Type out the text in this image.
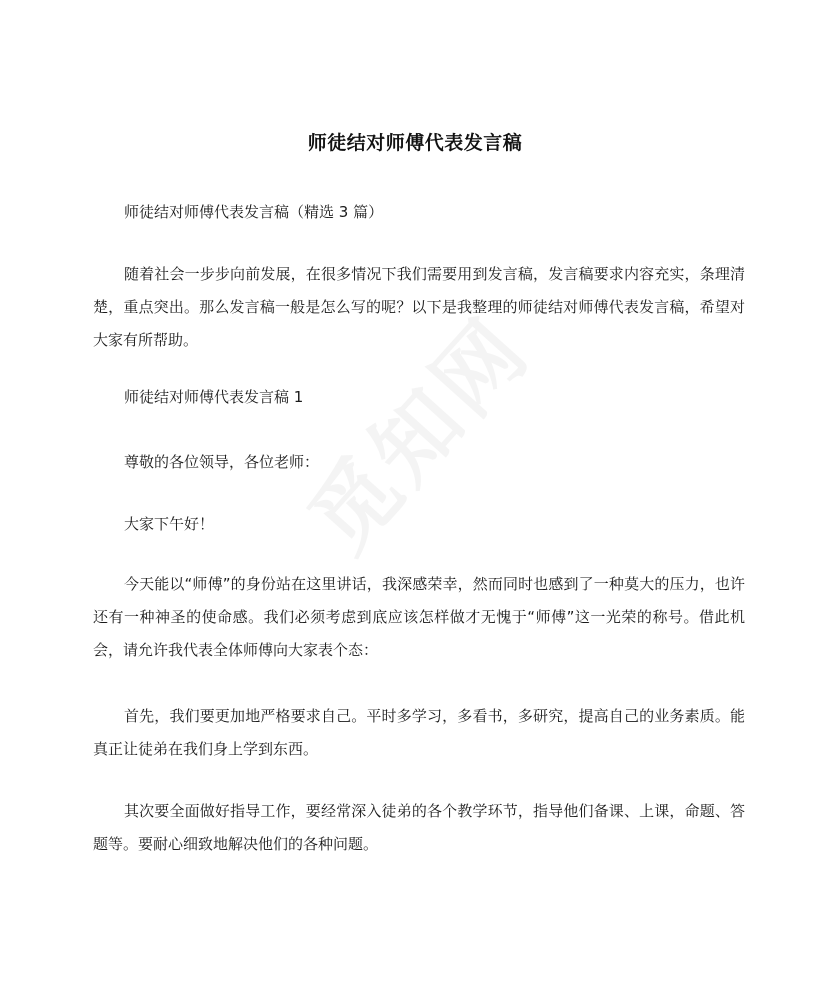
师徒结对师傅代表发言稿

师徒结对师傅代表发言稿（精选 3 篇）

随着社会一步步向前发展，在很多情况下我们需要用到发言稿，发言稿要求内容充实，条理清楚，重点突出。那么发言稿一般是怎么写的呢？以下是我整理的师徒结对师傅代表发言稿，希望对大家有所帮助。

师徒结对师傅代表发言稿 1

尊敬的各位领导，各位老师：

大家下午好！

今天能以“师傅”的身份站在这里讲话，我深感荣幸，然而同时也感到了一种莫大的压力，也许还有一种神圣的使命感。我们必须考虑到底应该怎样做才无愧于“师傅”这一光荣的称号。借此机会，请允许我代表全体师傅向大家表个态：

首先，我们要更加地严格要求自己。平时多学习，多看书，多研究，提高自己的业务素质。能真正让徒弟在我们身上学到东西。

其次要全面做好指导工作，要经常深入徒弟的各个教学环节，指导他们备课、上课，命题、答题等。要耐心细致地解决他们的各种问题。
